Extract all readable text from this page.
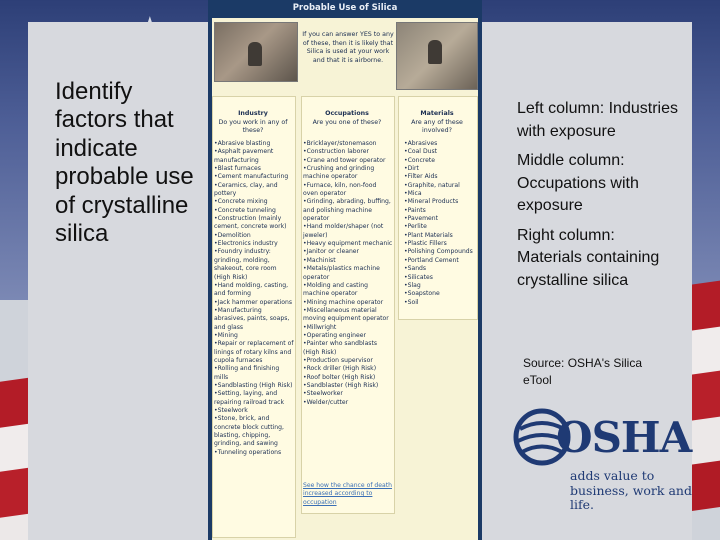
Identify factors that indicate probable use of crystalline silica
Probable Use of Silica
If you can answer YES to any of these, then it is likely that Silica is used at your work and that it is airborne.
Industry
Do you work in any of these?
Occupations
Are you one of these?
Materials
Are any of these involved?
•Abrasive blasting
•Asphalt pavement manufacturing
•Blast furnaces
•Cement manufacturing
•Ceramics, clay, and pottery
•Concrete mixing
•Concrete tunneling
•Construction (mainly cement, concrete work)
•Demolition
•Electronics industry
•Foundry industry: grinding, molding, shakeout, core room (High Risk)
•Hand molding, casting, and forming
•Jack hammer operations
•Manufacturing abrasives, paints, soaps, and glass
•Mining
•Repair or replacement of linings of rotary kilns and cupola furnaces
•Rolling and finishing mills
•Sandblasting (High Risk)
•Setting, laying, and repairing railroad track
•Steelwork
•Stone, brick, and concrete block cutting, blasting, chipping, grinding, and sawing
•Tunneling operations
•Bricklayer/stonemason
•Construction laborer
•Crane and tower operator
•Crushing and grinding machine operator
•Furnace, kiln, non-food oven operator
•Grinding, abrading, buffing, and polishing machine operator
•Hand molder/shaper (not jeweler)
•Heavy equipment mechanic
•Janitor or cleaner
•Machinist
•Metals/plastics machine operator
•Molding and casting machine operator
•Mining machine operator
•Miscellaneous material moving equipment operator
•Millwright
•Operating engineer
•Painter who sandblasts (High Risk)
•Production supervisor
•Rock driller (High Risk)
•Roof bolter (High Risk)
•Sandblaster (High Risk)
•Steelworker
•Welder/cutter
•Abrasives
•Coal Dust
•Concrete
•Dirt
•Filter Aids
•Graphite, natural
•Mica
•Mineral Products
•Paints
•Pavement
•Perlite
•Plant Materials
•Plastic Fillers
•Polishing Compounds
•Portland Cement
•Sands
•Silicates
•Slag
•Soapstone
•Soil
See how the chance of death increased according to occupation

Left column: Industries with exposure

Middle column: Occupations with exposure

Right column: Materials containing crystalline silica

Source: OSHA's Silica eTool
OSHA
adds value to business, work and life.
